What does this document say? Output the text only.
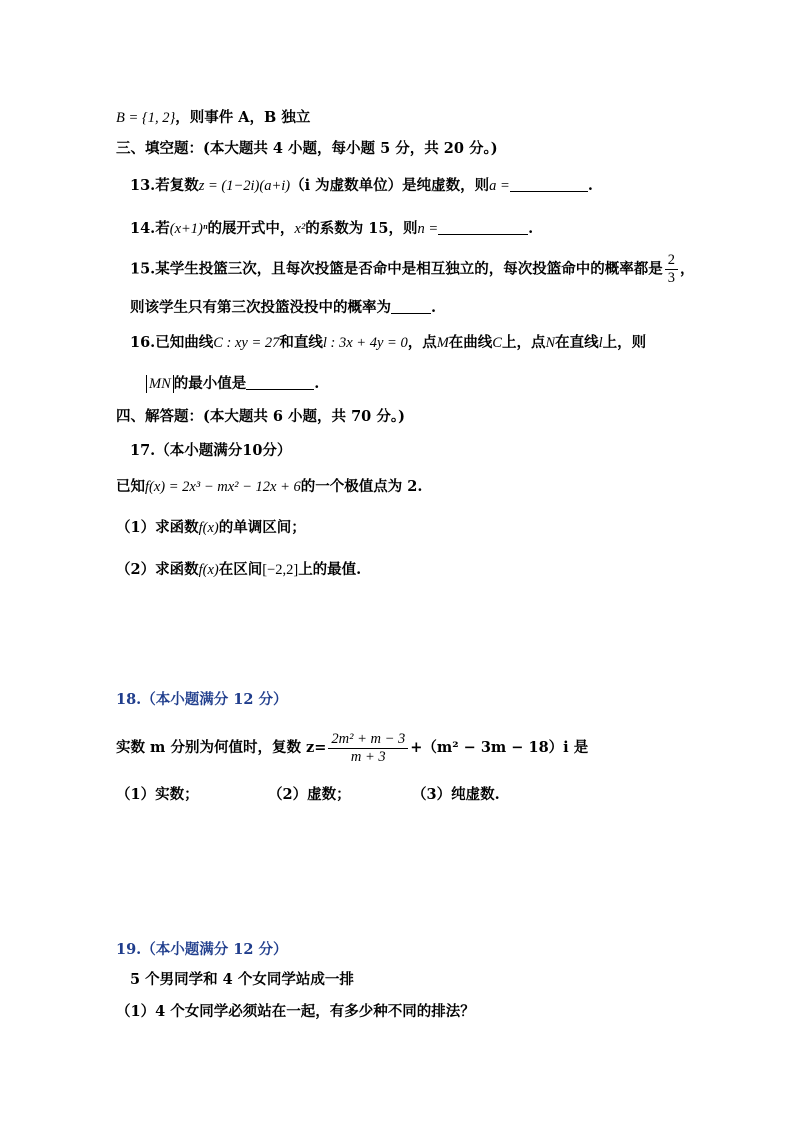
B = {1, 2}，则事件 A，B 独立
三、填空题：(本大题共 4 小题，每小题 5 分，共 20 分。)
13.若复数z = (1−2i)(a+i)（i 为虚数单位）是纯虚数，则a =	.
14.若(x+1)ⁿ的展开式中，x²的系数为 15，则n =	.
15.某学生投篮三次，且每次投篮是否命中是相互独立的，每次投篮命中的概率都是 $\frac{2}{3}$ ，
则该学生只有第三次投篮没投中的概率为	.
16.已知曲线C : xy = 27和直线l : 3x + 4y = 0，点M在曲线C上，点N在直线l上，则
MN 的最小值是	.
四、解答题：(本大题共 6 小题，共 70 分。)
17.（本小题满分10分）
已知f(x) = 2x³ − mx² − 12x + 6的一个极值点为 2.
（1）求函数f(x)的单调区间；
（2）求函数f(x)在区间[−2,2]上的最值.
18.（本小题满分 12 分）
实数 m 分别为何值时，复数 $z= \frac{\text{2m² + m − 3}}{m + 3} +(m^2 - 3m - 18)i$ 是
（1）实数；	（2）虚数；	（3）纯虚数.
19.（本小题满分 12 分）
5 个男同学和 4 个女同学站成一排
（1）4 个女同学必须站在一起，有多少种不同的排法？
